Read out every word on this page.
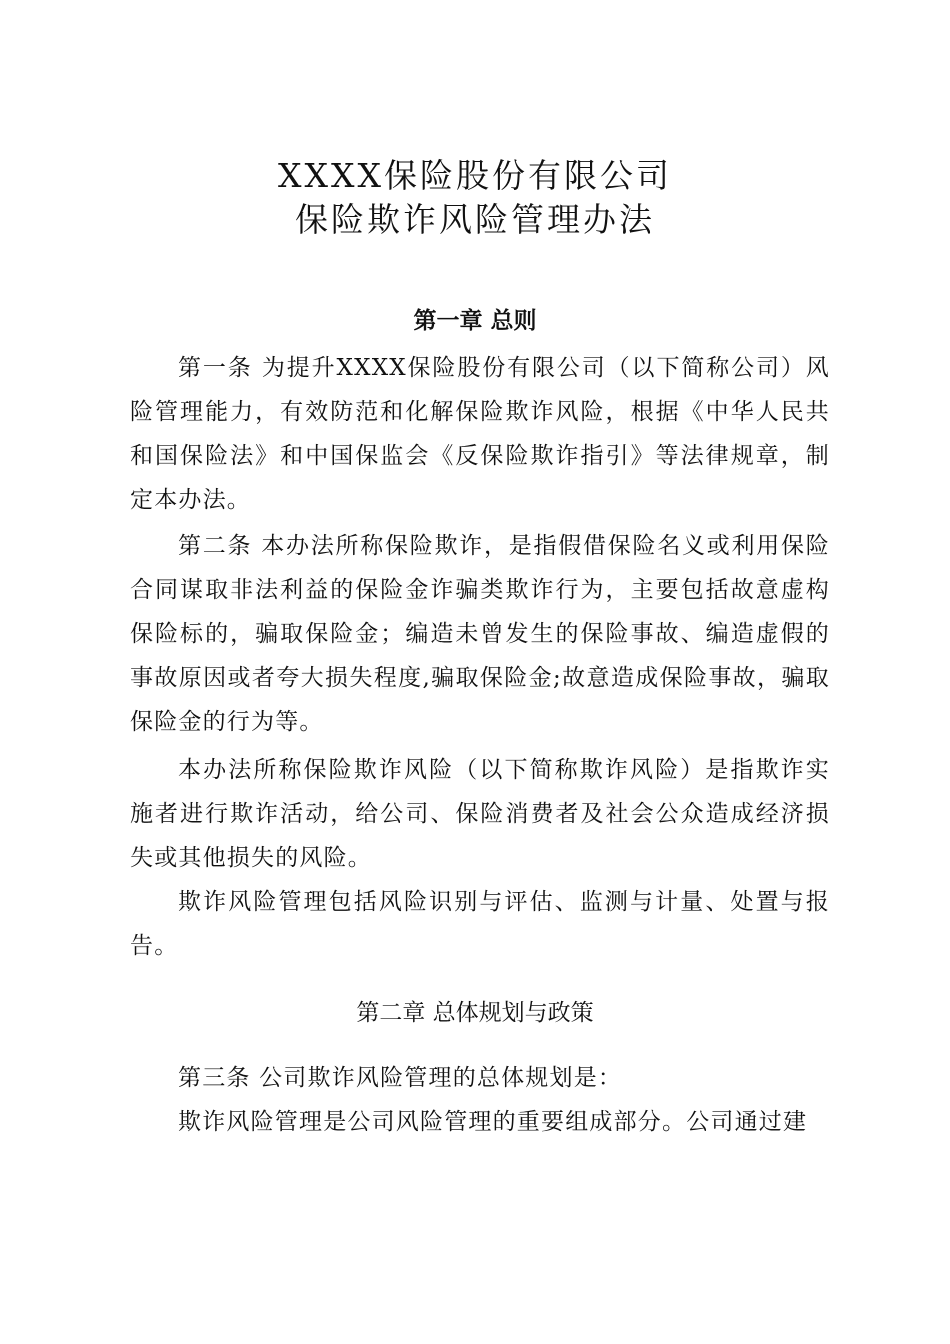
XXXX保险股份有限公司
保险欺诈风险管理办法
第一章 总则

第一条 为提升XXXX保险股份有限公司（以下简称公司）风险管理能力，有效防范和化解保险欺诈风险，根据《中华人民共和国保险法》和中国保监会《反保险欺诈指引》等法律规章，制定本办法。

第二条 本办法所称保险欺诈，是指假借保险名义或利用保险合同谋取非法利益的保险金诈骗类欺诈行为，主要包括故意虚构保险标的，骗取保险金；编造未曾发生的保险事故、编造虚假的事故原因或者夸大损失程度,骗取保险金;故意造成保险事故，骗取保险金的行为等。

本办法所称保险欺诈风险（以下简称欺诈风险）是指欺诈实施者进行欺诈活动，给公司、保险消费者及社会公众造成经济损失或其他损失的风险。

欺诈风险管理包括风险识别与评估、监测与计量、处置与报告。

第二章 总体规划与政策

第三条 公司欺诈风险管理的总体规划是：

欺诈风险管理是公司风险管理的重要组成部分。公司通过建
